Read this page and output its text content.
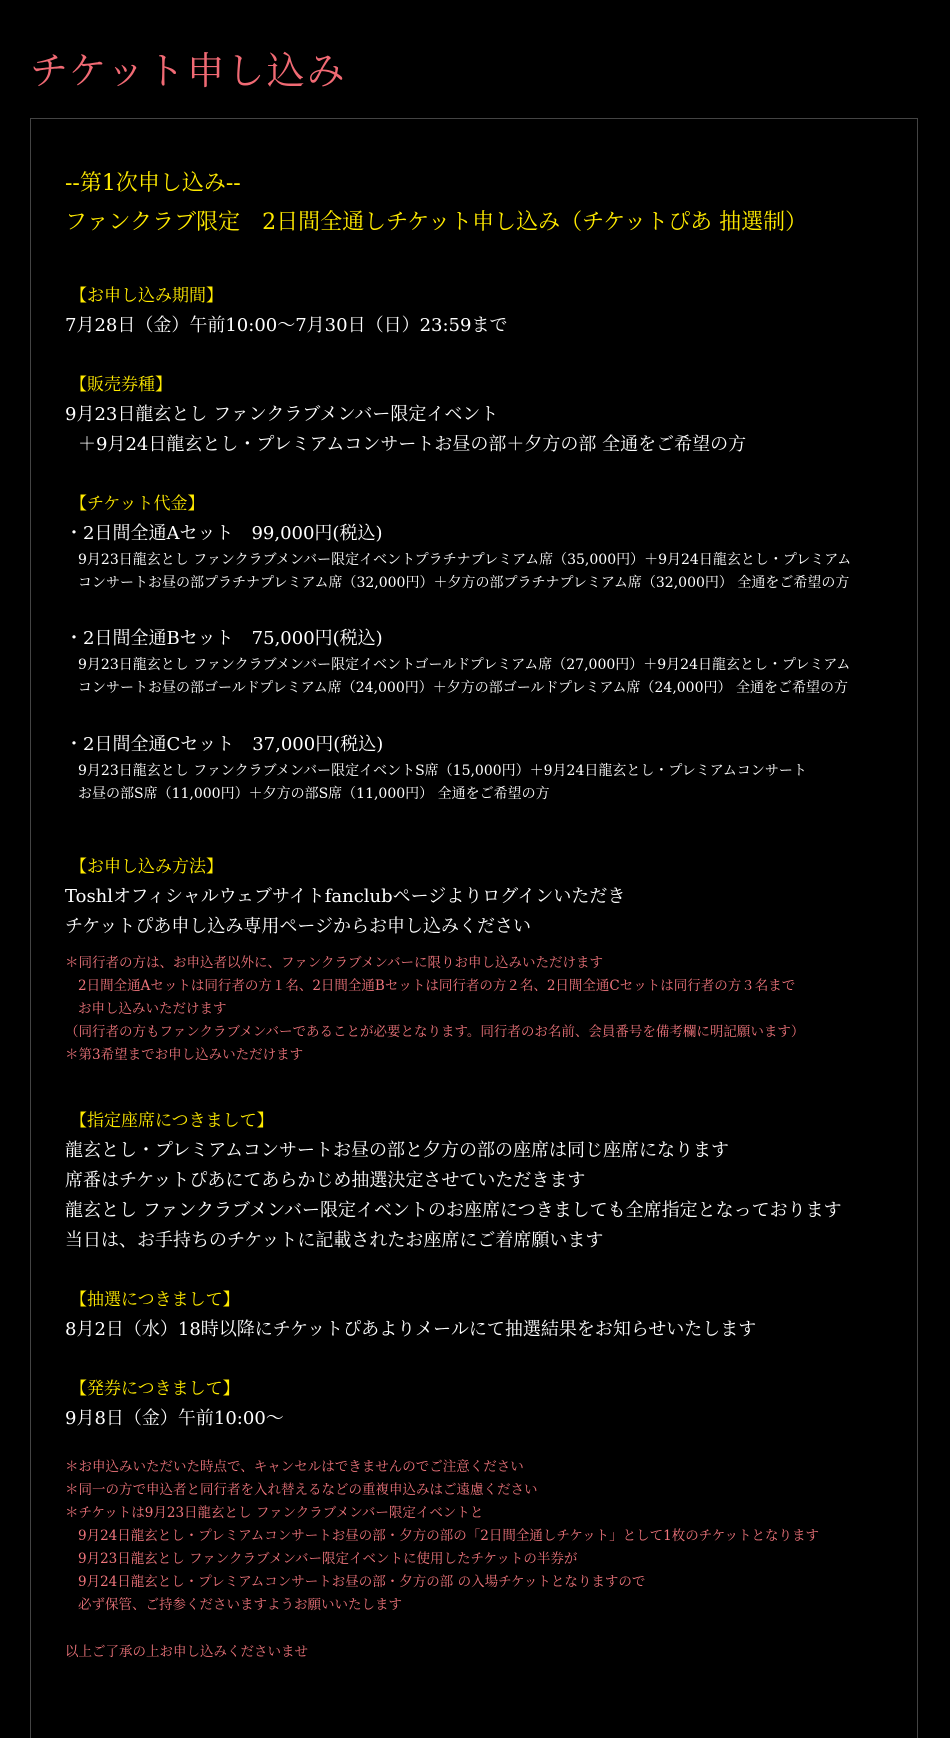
チケット申し込み
--第1次申し込み--
ファンクラブ限定　2日間全通しチケット申し込み（チケットぴあ 抽選制）
【お申し込み期間】
7月28日（金）午前10:00〜7月30日（日）23:59まで
【販売券種】
9月23日龍玄とし ファンクラブメンバー限定イベント
＋9月24日龍玄とし・プレミアムコンサートお昼の部＋夕方の部 全通をご希望の方
【チケット代金】
・2日間全通Aセット　99,000円(税込)
9月23日龍玄とし ファンクラブメンバー限定イベントプラチナプレミアム席（35,000円）＋9月24日龍玄とし・プレミアム
コンサートお昼の部プラチナプレミアム席（32,000円）＋夕方の部プラチナプレミアム席（32,000円） 全通をご希望の方
・2日間全通Bセット　75,000円(税込)
9月23日龍玄とし ファンクラブメンバー限定イベントゴールドプレミアム席（27,000円）＋9月24日龍玄とし・プレミアム
コンサートお昼の部ゴールドプレミアム席（24,000円）＋夕方の部ゴールドプレミアム席（24,000円） 全通をご希望の方
・2日間全通Cセット　37,000円(税込)
9月23日龍玄とし ファンクラブメンバー限定イベントS席（15,000円）＋9月24日龍玄とし・プレミアムコンサート
お昼の部S席（11,000円）＋夕方の部S席（11,000円） 全通をご希望の方
【お申し込み方法】
Toshlオフィシャルウェブサイトfanclubページよりログインいただき
チケットぴあ申し込み専用ページからお申し込みください
＊同行者の方は、お申込者以外に、ファンクラブメンバーに限りお申し込みいただけます
2日間全通Aセットは同行者の方１名、2日間全通Bセットは同行者の方２名、2日間全通Cセットは同行者の方３名まで
お申し込みいただけます
（同行者の方もファンクラブメンバーであることが必要となります。同行者のお名前、会員番号を備考欄に明記願います）
＊第3希望までお申し込みいただけます
【指定座席につきまして】
龍玄とし・プレミアムコンサートお昼の部と夕方の部の座席は同じ座席になります
席番はチケットぴあにてあらかじめ抽選決定させていただきます
龍玄とし ファンクラブメンバー限定イベントのお座席につきましても全席指定となっております
当日は、お手持ちのチケットに記載されたお座席にご着席願います
【抽選につきまして】
8月2日（水）18時以降にチケットぴあよりメールにて抽選結果をお知らせいたします
【発券につきまして】
9月8日（金）午前10:00〜
＊お申込みいただいた時点で、キャンセルはできませんのでご注意ください
＊同一の方で申込者と同行者を入れ替えるなどの重複申込みはご遠慮ください
＊チケットは9月23日龍玄とし ファンクラブメンバー限定イベントと
9月24日龍玄とし・プレミアムコンサートお昼の部・夕方の部の「2日間全通しチケット」として1枚のチケットとなります
9月23日龍玄とし ファンクラブメンバー限定イベントに使用したチケットの半券が
9月24日龍玄とし・プレミアムコンサートお昼の部・夕方の部 の入場チケットとなりますので
必ず保管、ご持参くださいますようお願いいたします
以上ご了承の上お申し込みくださいませ
